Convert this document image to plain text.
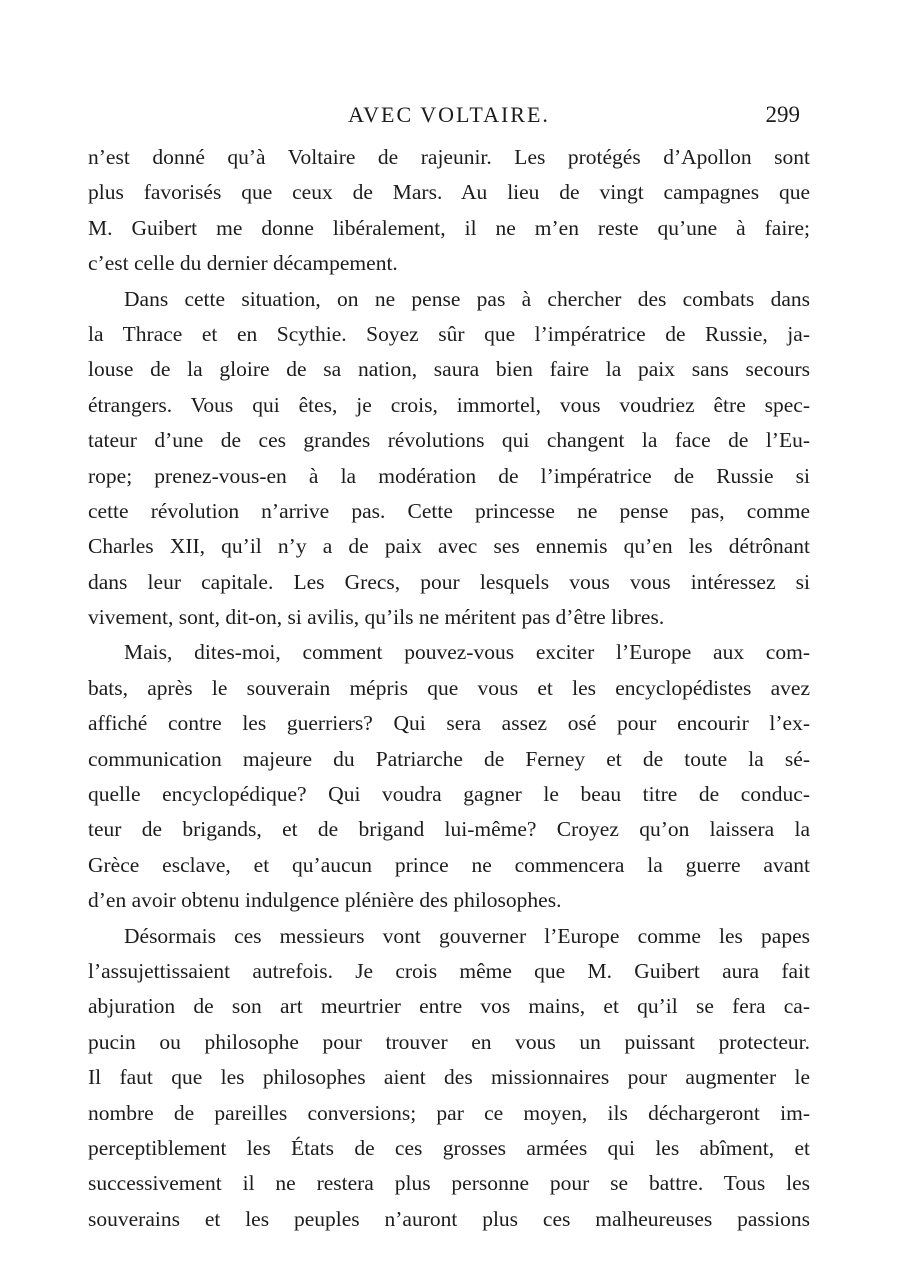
AVEC VOLTAIRE.	299
n’est donné qu’à Voltaire de rajeunir. Les protégés d’Apollon sont
plus favorisés que ceux de Mars. Au lieu de vingt campagnes que
M. Guibert me donne libéralement, il ne m’en reste qu’une à faire;
c’est celle du dernier décampement.
Dans cette situation, on ne pense pas à chercher des combats dans
la Thrace et en Scythie. Soyez sûr que l’impératrice de Russie, ja-
louse de la gloire de sa nation, saura bien faire la paix sans secours
étrangers. Vous qui êtes, je crois, immortel, vous voudriez être spec-
tateur d’une de ces grandes révolutions qui changent la face de l’Eu-
rope; prenez-vous-en à la modération de l’impératrice de Russie si
cette révolution n’arrive pas. Cette princesse ne pense pas, comme
Charles XII, qu’il n’y a de paix avec ses ennemis qu’en les détrônant
dans leur capitale. Les Grecs, pour lesquels vous vous intéressez si
vivement, sont, dit-on, si avilis, qu’ils ne méritent pas d’être libres.
Mais, dites-moi, comment pouvez-vous exciter l’Europe aux com-
bats, après le souverain mépris que vous et les encyclopédistes avez
affiché contre les guerriers? Qui sera assez osé pour encourir l’ex-
communication majeure du Patriarche de Ferney et de toute la sé-
quelle encyclopédique? Qui voudra gagner le beau titre de conduc-
teur de brigands, et de brigand lui-même? Croyez qu’on laissera la
Grèce esclave, et qu’aucun prince ne commencera la guerre avant
d’en avoir obtenu indulgence plénière des philosophes.
Désormais ces messieurs vont gouverner l’Europe comme les papes
l’assujettissaient autrefois. Je crois même que M. Guibert aura fait
abjuration de son art meurtrier entre vos mains, et qu’il se fera ca-
pucin ou philosophe pour trouver en vous un puissant protecteur.
Il faut que les philosophes aient des missionnaires pour augmenter le
nombre de pareilles conversions; par ce moyen, ils déchargeront im-
perceptiblement les États de ces grosses armées qui les abîment, et
successivement il ne restera plus personne pour se battre. Tous les
souverains et les peuples n’auront plus ces malheureuses passions
